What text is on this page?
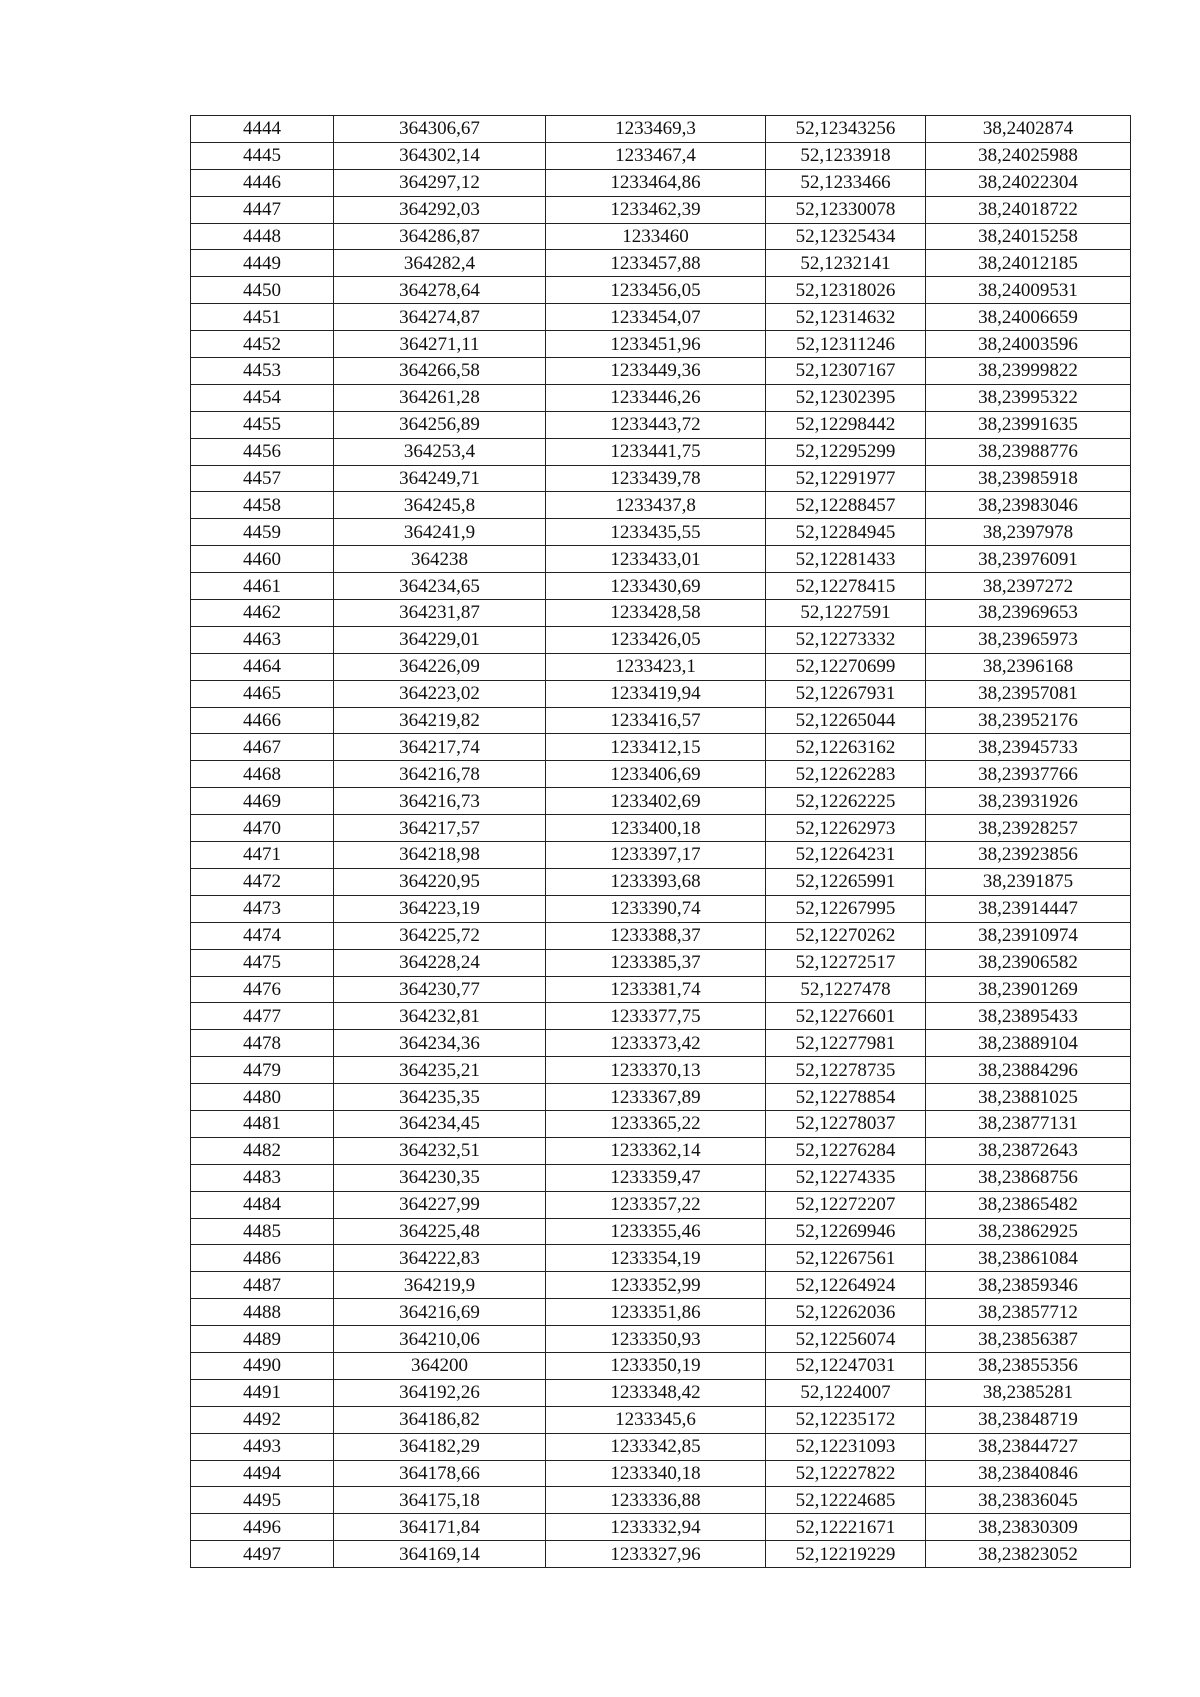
4444	364306,67	1233469,3	52,12343256	38,2402874
4445	364302,14	1233467,4	52,1233918	38,24025988
4446	364297,12	1233464,86	52,1233466	38,24022304
4447	364292,03	1233462,39	52,12330078	38,24018722
4448	364286,87	1233460	52,12325434	38,24015258
4449	364282,4	1233457,88	52,1232141	38,24012185
4450	364278,64	1233456,05	52,12318026	38,24009531
4451	364274,87	1233454,07	52,12314632	38,24006659
4452	364271,11	1233451,96	52,12311246	38,24003596
4453	364266,58	1233449,36	52,12307167	38,23999822
4454	364261,28	1233446,26	52,12302395	38,23995322
4455	364256,89	1233443,72	52,12298442	38,23991635
4456	364253,4	1233441,75	52,12295299	38,23988776
4457	364249,71	1233439,78	52,12291977	38,23985918
4458	364245,8	1233437,8	52,12288457	38,23983046
4459	364241,9	1233435,55	52,12284945	38,2397978
4460	364238	1233433,01	52,12281433	38,23976091
4461	364234,65	1233430,69	52,12278415	38,2397272
4462	364231,87	1233428,58	52,1227591	38,23969653
4463	364229,01	1233426,05	52,12273332	38,23965973
4464	364226,09	1233423,1	52,12270699	38,2396168
4465	364223,02	1233419,94	52,12267931	38,23957081
4466	364219,82	1233416,57	52,12265044	38,23952176
4467	364217,74	1233412,15	52,12263162	38,23945733
4468	364216,78	1233406,69	52,12262283	38,23937766
4469	364216,73	1233402,69	52,12262225	38,23931926
4470	364217,57	1233400,18	52,12262973	38,23928257
4471	364218,98	1233397,17	52,12264231	38,23923856
4472	364220,95	1233393,68	52,12265991	38,2391875
4473	364223,19	1233390,74	52,12267995	38,23914447
4474	364225,72	1233388,37	52,12270262	38,23910974
4475	364228,24	1233385,37	52,12272517	38,23906582
4476	364230,77	1233381,74	52,1227478	38,23901269
4477	364232,81	1233377,75	52,12276601	38,23895433
4478	364234,36	1233373,42	52,12277981	38,23889104
4479	364235,21	1233370,13	52,12278735	38,23884296
4480	364235,35	1233367,89	52,12278854	38,23881025
4481	364234,45	1233365,22	52,12278037	38,23877131
4482	364232,51	1233362,14	52,12276284	38,23872643
4483	364230,35	1233359,47	52,12274335	38,23868756
4484	364227,99	1233357,22	52,12272207	38,23865482
4485	364225,48	1233355,46	52,12269946	38,23862925
4486	364222,83	1233354,19	52,12267561	38,23861084
4487	364219,9	1233352,99	52,12264924	38,23859346
4488	364216,69	1233351,86	52,12262036	38,23857712
4489	364210,06	1233350,93	52,12256074	38,23856387
4490	364200	1233350,19	52,12247031	38,23855356
4491	364192,26	1233348,42	52,1224007	38,2385281
4492	364186,82	1233345,6	52,12235172	38,23848719
4493	364182,29	1233342,85	52,12231093	38,23844727
4494	364178,66	1233340,18	52,12227822	38,23840846
4495	364175,18	1233336,88	52,12224685	38,23836045
4496	364171,84	1233332,94	52,12221671	38,23830309
4497	364169,14	1233327,96	52,12219229	38,23823052
